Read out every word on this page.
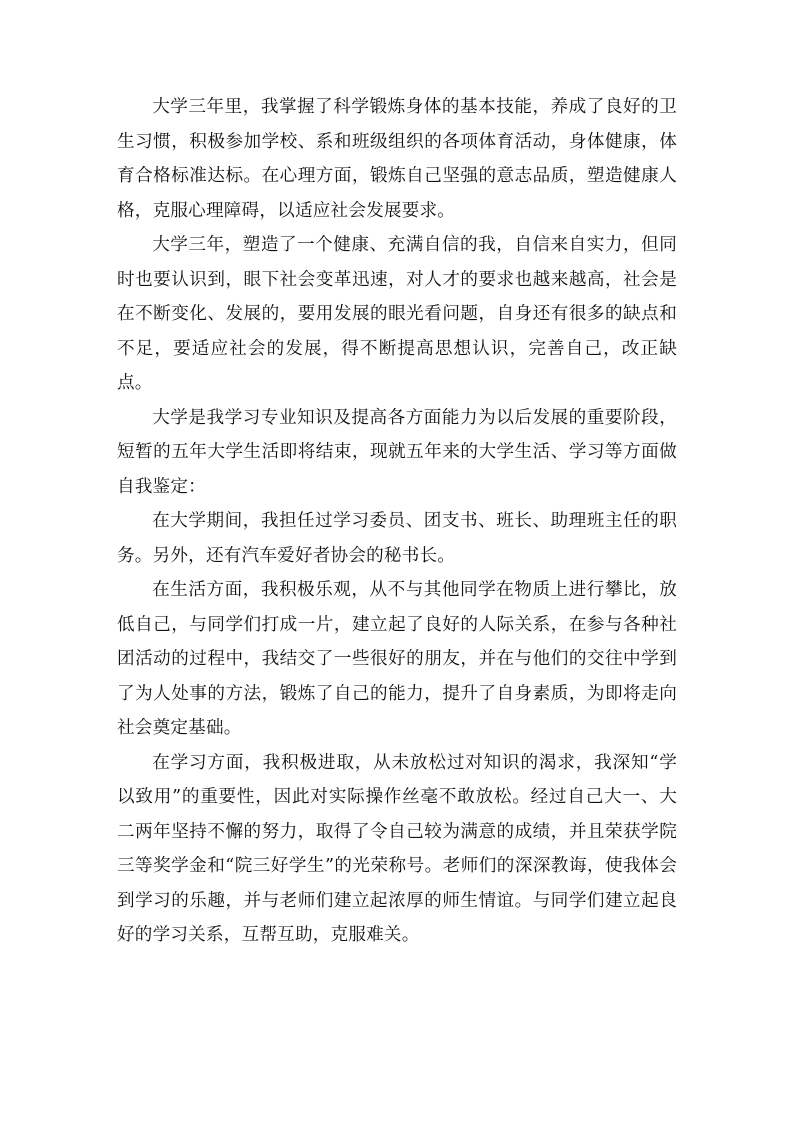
大学三年里，我掌握了科学锻炼身体的基本技能，养成了良好的卫生习惯，积极参加学校、系和班级组织的各项体育活动，身体健康，体育合格标准达标。在心理方面，锻炼自己坚强的意志品质，塑造健康人格，克服心理障碍，以适应社会发展要求。

大学三年，塑造了一个健康、充满自信的我，自信来自实力，但同时也要认识到，眼下社会变革迅速，对人才的要求也越来越高，社会是在不断变化、发展的，要用发展的眼光看问题，自身还有很多的缺点和不足，要适应社会的发展，得不断提高思想认识，完善自己，改正缺点。

大学是我学习专业知识及提高各方面能力为以后发展的重要阶段，短暂的五年大学生活即将结束，现就五年来的大学生活、学习等方面做自我鉴定：

在大学期间，我担任过学习委员、团支书、班长、助理班主任的职务。另外，还有汽车爱好者协会的秘书长。

在生活方面，我积极乐观，从不与其他同学在物质上进行攀比，放低自己，与同学们打成一片，建立起了良好的人际关系，在参与各种社团活动的过程中，我结交了一些很好的朋友，并在与他们的交往中学到了为人处事的方法，锻炼了自己的能力，提升了自身素质，为即将走向社会奠定基础。

在学习方面，我积极进取，从未放松过对知识的渴求，我深知“学以致用”的重要性，因此对实际操作丝毫不敢放松。经过自己大一、大二两年坚持不懈的努力，取得了令自己较为满意的成绩，并且荣获学院三等奖学金和“院三好学生”的光荣称号。老师们的深深教诲，使我体会到学习的乐趣，并与老师们建立起浓厚的师生情谊。与同学们建立起良好的学习关系，互帮互助，克服难关。
